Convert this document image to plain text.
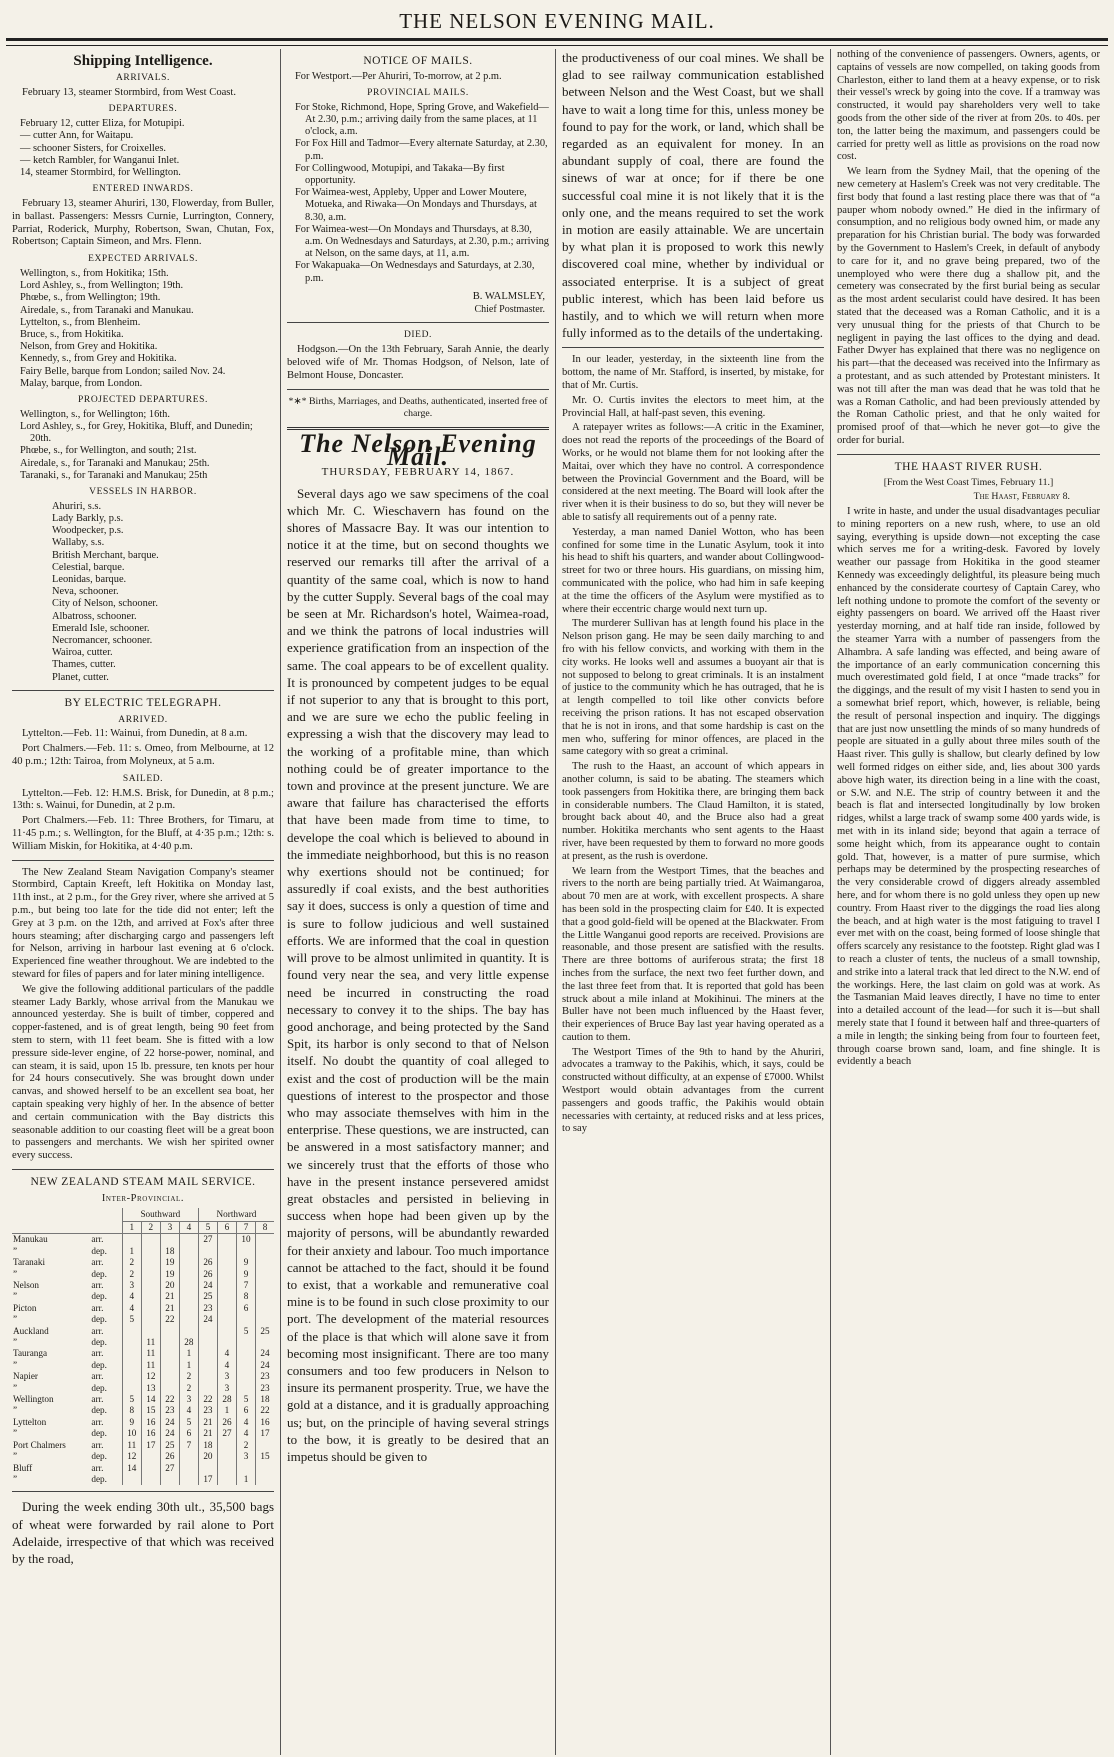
THE NELSON EVENING MAIL.
Shipping Intelligence.
ARRIVALS.

February 13, steamer Stormbird, from West Coast.

DEPARTURES.
February 12, cutter Eliza, for Motupipi.
— cutter Ann, for Waitapu.
— schooner Sisters, for Croixelles.
— ketch Rambler, for Wanganui Inlet.
14, steamer Stormbird, for Wellington.
ENTERED INWARDS.

February 13, steamer Ahuriri, 130, Flowerday, from Buller, in ballast. Passengers: Messrs Curnie, Lurrington, Connery, Parriat, Roderick, Murphy, Robertson, Swan, Chutan, Fox, Robertson; Captain Simeon, and Mrs. Flenn.

EXPECTED ARRIVALS.
Wellington, s., from Hokitika; 15th.
Lord Ashley, s., from Wellington; 19th.
Phœbe, s., from Wellington; 19th.
Airedale, s., from Taranaki and Manukau.
Lyttelton, s., from Blenheim.
Bruce, s., from Hokitika.
Nelson, from Grey and Hokitika.
Kennedy, s., from Grey and Hokitika.
Fairy Belle, barque from London; sailed Nov. 24.
Malay, barque, from London.
PROJECTED DEPARTURES.
Wellington, s., for Wellington; 16th.
Lord Ashley, s., for Grey, Hokitika, Bluff, and Dunedin; 20th.
Phœbe, s., for Wellington, and south; 21st.
Airedale, s., for Taranaki and Manukau; 25th.
Taranaki, s., for Taranaki and Manukau; 25th
VESSELS IN HARBOR.
Ahuriri, s.s.
Lady Barkly, p.s.
Woodpecker, p.s.
Wallaby, s.s.
British Merchant, barque.
Celestial, barque.
Leonidas, barque.
Neva, schooner.
City of Nelson, schooner.
Albatross, schooner.
Emerald Isle, schooner.
Necromancer, schooner.
Wairoa, cutter.
Thames, cutter.
Planet, cutter.
BY ELECTRIC TELEGRAPH.
ARRIVED.

Lyttelton.—Feb. 11: Wainui, from Dunedin, at 8 a.m.

Port Chalmers.—Feb. 11: s. Omeo, from Melbourne, at 12 40 p.m.; 12th: Tairoa, from Molyneux, at 5 a.m.

SAILED.

Lyttelton.—Feb. 12: H.M.S. Brisk, for Dunedin, at 8 p.m.; 13th: s. Wainui, for Dunedin, at 2 p.m.

Port Chalmers.—Feb. 11: Three Brothers, for Timaru, at 11·45 p.m.; s. Wellington, for the Bluff, at 4·35 p.m.; 12th: s. William Miskin, for Hokitika, at 4·40 p.m.

The New Zealand Steam Navigation Company's steamer Stormbird, Captain Kreeft, left Hokitika on Monday last, 11th inst., at 2 p.m., for the Grey river, where she arrived at 5 p.m., but being too late for the tide did not enter; left the Grey at 3 p.m. on the 12th, and arrived at Fox's after three hours steaming; after discharging cargo and passengers left for Nelson, arriving in harbour last evening at 6 o'clock. Experienced fine weather throughout. We are indebted to the steward for files of papers and for later mining intelligence.

We give the following additional particulars of the paddle steamer Lady Barkly, whose arrival from the Manukau we announced yesterday. She is built of timber, coppered and copper-fastened, and is of great length, being 90 feet from stem to stern, with 11 feet beam. She is fitted with a low pressure side-lever engine, of 22 horse-power, nominal, and can steam, it is said, upon 15 lb. pressure, ten knots per hour for 24 hours consecutively. She was brought down under canvas, and showed herself to be an excellent sea boat, her captain speaking very highly of her. In the absence of better and certain communication with the Bay districts this seasonable addition to our coasting fleet will be a great boon to passengers and merchants. We wish her spirited owner every success.

NEW ZEALAND STEAM MAIL SERVICE.
Inter-Provincial.
		Southward				Northward			
		1	2	3	4	5	6	7	8
Manukau	arr.					27		10	
”	dep.	1		18					
Taranaki	arr.	2		19		26		9	
”	dep.	2		19		26		9	
Nelson	arr.	3		20		24		7	
”	dep.	4		21		25		8	
Picton	arr.	4		21		23		6	
”	dep.	5		22		24			
Auckland	arr.							5	25
”	dep.		11		28				
Tauranga	arr.		11		1		4		24
”	dep.		11		1		4		24
Napier	arr.		12		2		3		23
”	dep.		13		2		3		23
Wellington	arr.	5	14	22	3	22	28	5	18
”	dep.	8	15	23	4	23	1	6	22
Lyttelton	arr.	9	16	24	5	21	26	4	16
”	dep.	10	16	24	6	21	27	4	17
Port Chalmers	arr.	11	17	25	7	18		2	
”	dep.	12		26		20		3	15
Bluff	arr.	14		27					
”	dep.					17		1	

During the week ending 30th ult., 35,500 bags of wheat were forwarded by rail alone to Port Adelaide, irrespective of that which was received by the road,

NOTICE OF MAILS.
For Westport.—Per Ahuriri, To-morrow, at 2 p.m.
PROVINCIAL MAILS.
For Stoke, Richmond, Hope, Spring Grove, and Wakefield—At 2.30, p.m.; arriving daily from the same places, at 11 o'clock, a.m.
For Fox Hill and Tadmor—Every alternate Saturday, at 2.30, p.m.
For Collingwood, Motupipi, and Takaka—By first opportunity.
For Waimea-west, Appleby, Upper and Lower Moutere, Motueka, and Riwaka—On Mondays and Thursdays, at 8.30, a.m.
For Waimea-west—On Mondays and Thursdays, at 8.30, a.m. On Wednesdays and Saturdays, at 2.30, p.m.; arriving at Nelson, on the same days, at 11, a.m.
For Wakapuaka—On Wednesdays and Saturdays, at 2.30, p.m.
B. WALMSLEY,
Chief Postmaster.
DIED.

Hodgson.—On the 13th February, Sarah Annie, the dearly beloved wife of Mr. Thomas Hodgson, of Nelson, late of Belmont House, Doncaster.

*∗* Births, Marriages, and Deaths, authenticated, inserted free of charge.
The Nelson Evening Mail.
THURSDAY, FEBRUARY 14, 1867.

Several days ago we saw specimens of the coal which Mr. C. Wieschavern has found on the shores of Massacre Bay. It was our intention to notice it at the time, but on second thoughts we reserved our remarks till after the arrival of a quantity of the same coal, which is now to hand by the cutter Supply. Several bags of the coal may be seen at Mr. Richardson's hotel, Waimea-road, and we think the patrons of local industries will experience gratification from an inspection of the same. The coal appears to be of excellent quality. It is pronounced by competent judges to be equal if not superior to any that is brought to this port, and we are sure we echo the public feeling in expressing a wish that the discovery may lead to the working of a profitable mine, than which nothing could be of greater importance to the town and province at the present juncture. We are aware that failure has characterised the efforts that have been made from time to time, to develope the coal which is believed to abound in the immediate neighborhood, but this is no reason why exertions should not be continued; for assuredly if coal exists, and the best authorities say it does, success is only a question of time and is sure to follow judicious and well sustained efforts. We are informed that the coal in question will prove to be almost unlimited in quantity. It is found very near the sea, and very little expense need be incurred in constructing the road necessary to convey it to the ships. The bay has good anchorage, and being protected by the Sand Spit, its harbor is only second to that of Nelson itself. No doubt the quantity of coal alleged to exist and the cost of production will be the main questions of interest to the prospector and those who may associate themselves with him in the enterprise. These questions, we are instructed, can be answered in a most satisfactory manner; and we sincerely trust that the efforts of those who have in the present instance persevered amidst great obstacles and persisted in believing in success when hope had been given up by the majority of persons, will be abundantly rewarded for their anxiety and labour. Too much importance cannot be attached to the fact, should it be found to exist, that a workable and remunerative coal mine is to be found in such close proximity to our port. The development of the material resources of the place is that which will alone save it from becoming most insignificant. There are too many consumers and too few producers in Nelson to insure its permanent prosperity. True, we have the gold at a distance, and it is gradually approaching us; but, on the principle of having several strings to the bow, it is greatly to be desired that an impetus should be given to

the productiveness of our coal mines. We shall be glad to see railway communication established between Nelson and the West Coast, but we shall have to wait a long time for this, unless money be found to pay for the work, or land, which shall be regarded as an equivalent for money. In an abundant supply of coal, there are found the sinews of war at once; for if there be one successful coal mine it is not likely that it is the only one, and the means required to set the work in motion are easily attainable. We are uncertain by what plan it is proposed to work this newly discovered coal mine, whether by individual or associated enterprise. It is a subject of great public interest, which has been laid before us hastily, and to which we will return when more fully informed as to the details of the undertaking.

In our leader, yesterday, in the sixteenth line from the bottom, the name of Mr. Stafford, is inserted, by mistake, for that of Mr. Curtis.

Mr. O. Curtis invites the electors to meet him, at the Provincial Hall, at half-past seven, this evening.

A ratepayer writes as follows:—A critic in the Examiner, does not read the reports of the proceedings of the Board of Works, or he would not blame them for not looking after the Maitai, over which they have no control. A correspondence between the Provincial Government and the Board, will be considered at the next meeting. The Board will look after the river when it is their business to do so, but they will never be able to satisfy all requirements out of a penny rate.

Yesterday, a man named Daniel Wotton, who has been confined for some time in the Lunatic Asylum, took it into his head to shift his quarters, and wander about Collingwood-street for two or three hours. His guardians, on missing him, communicated with the police, who had him in safe keeping at the time the officers of the Asylum were mystified as to where their eccentric charge would next turn up.

The murderer Sullivan has at length found his place in the Nelson prison gang. He may be seen daily marching to and fro with his fellow convicts, and working with them in the city works. He looks well and assumes a buoyant air that is not supposed to belong to great criminals. It is an instalment of justice to the community which he has outraged, that he is at length compelled to toil like other convicts before receiving the prison rations. It has not escaped observation that he is not in irons, and that some hardship is cast on the men who, suffering for minor offences, are placed in the same category with so great a criminal.

The rush to the Haast, an account of which appears in another column, is said to be abating. The steamers which took passengers from Hokitika there, are bringing them back in considerable numbers. The Claud Hamilton, it is stated, brought back about 40, and the Bruce also had a great number. Hokitika merchants who sent agents to the Haast river, have been requested by them to forward no more goods at present, as the rush is overdone.

We learn from the Westport Times, that the beaches and rivers to the north are being partially tried. At Waimangaroa, about 70 men are at work, with excellent prospects. A share has been sold in the prospecting claim for £40. It is expected that a good gold-field will be opened at the Blackwater. From the Little Wanganui good reports are received. Provisions are reasonable, and those present are satisfied with the results. There are three bottoms of auriferous strata; the first 18 inches from the surface, the next two feet further down, and the last three feet from that. It is reported that gold has been struck about a mile inland at Mokihinui. The miners at the Buller have not been much influenced by the Haast fever, their experiences of Bruce Bay last year having operated as a caution to them.

The Westport Times of the 9th to hand by the Ahuriri, advocates a tramway to the Pakihis, which, it says, could be constructed without difficulty, at an expense of £7000. Whilst Westport would obtain advantages from the current passengers and goods traffic, the Pakihis would obtain necessaries with certainty, at reduced risks and at less prices, to say

nothing of the convenience of passengers. Owners, agents, or captains of vessels are now compelled, on taking goods from Charleston, either to land them at a heavy expense, or to risk their vessel's wreck by going into the cove. If a tramway was constructed, it would pay shareholders very well to take goods from the other side of the river at from 20s. to 40s. per ton, the latter being the maximum, and passengers could be carried for pretty well as little as provisions on the road now cost.

We learn from the Sydney Mail, that the opening of the new cemetery at Haslem's Creek was not very creditable. The first body that found a last resting place there was that of “a pauper whom nobody owned.” He died in the infirmary of consumption, and no religious body owned him, or made any preparation for his Christian burial. The body was forwarded by the Government to Haslem's Creek, in default of anybody to care for it, and no grave being prepared, two of the unemployed who were there dug a shallow pit, and the cemetery was consecrated by the first burial being as secular as the most ardent secularist could have desired. It has been stated that the deceased was a Roman Catholic, and it is a very unusual thing for the priests of that Church to be negligent in paying the last offices to the dying and dead. Father Dwyer has explained that there was no negligence on his part—that the deceased was received into the Infirmary as a protestant, and as such attended by Protestant ministers. It was not till after the man was dead that he was told that he was a Roman Catholic, and had been previously attended by the Roman Catholic priest, and that he only waited for promised proof of that—which he never got—to give the order for burial.

THE HAAST RIVER RUSH.
[From the West Coast Times, February 11.]
The Haast, February 8.

I write in haste, and under the usual disadvantages peculiar to mining reporters on a new rush, where, to use an old saying, everything is upside down—not excepting the case which serves me for a writing-desk. Favored by lovely weather our passage from Hokitika in the good steamer Kennedy was exceedingly delightful, its pleasure being much enhanced by the considerate courtesy of Captain Carey, who left nothing undone to promote the comfort of the seventy or eighty passengers on board. We arrived off the Haast river yesterday morning, and at half tide ran inside, followed by the steamer Yarra with a number of passengers from the Alhambra. A safe landing was effected, and being aware of the importance of an early communication concerning this much overestimated gold field, I at once “made tracks” for the diggings, and the result of my visit I hasten to send you in a somewhat brief report, which, however, is reliable, being the result of personal inspection and inquiry. The diggings that are just now unsettling the minds of so many hundreds of people are situated in a gully about three miles south of the Haast river. This gully is shallow, but clearly defined by low well formed ridges on either side, and, lies about 300 yards above high water, its direction being in a line with the coast, or S.W. and N.E. The strip of country between it and the beach is flat and intersected longitudinally by low broken ridges, whilst a large track of swamp some 400 yards wide, is met with in its inland side; beyond that again a terrace of some height which, from its appearance ought to contain gold. That, however, is a matter of pure surmise, which perhaps may be determined by the prospecting researches of the very considerable crowd of diggers already assembled here, and for whom there is no gold unless they open up new country. From Haast river to the diggings the road lies along the beach, and at high water is the most fatiguing to travel I ever met with on the coast, being formed of loose shingle that offers scarcely any resistance to the footstep. Right glad was I to reach a cluster of tents, the nucleus of a small township, and strike into a lateral track that led direct to the N.W. end of the workings. Here, the last claim on gold was at work. As the Tasmanian Maid leaves directly, I have no time to enter into a detailed account of the lead—for such it is—but shall merely state that I found it between half and three-quarters of a mile in length; the sinking being from four to fourteen feet, through coarse brown sand, loam, and fine shingle. It is evidently a beach
